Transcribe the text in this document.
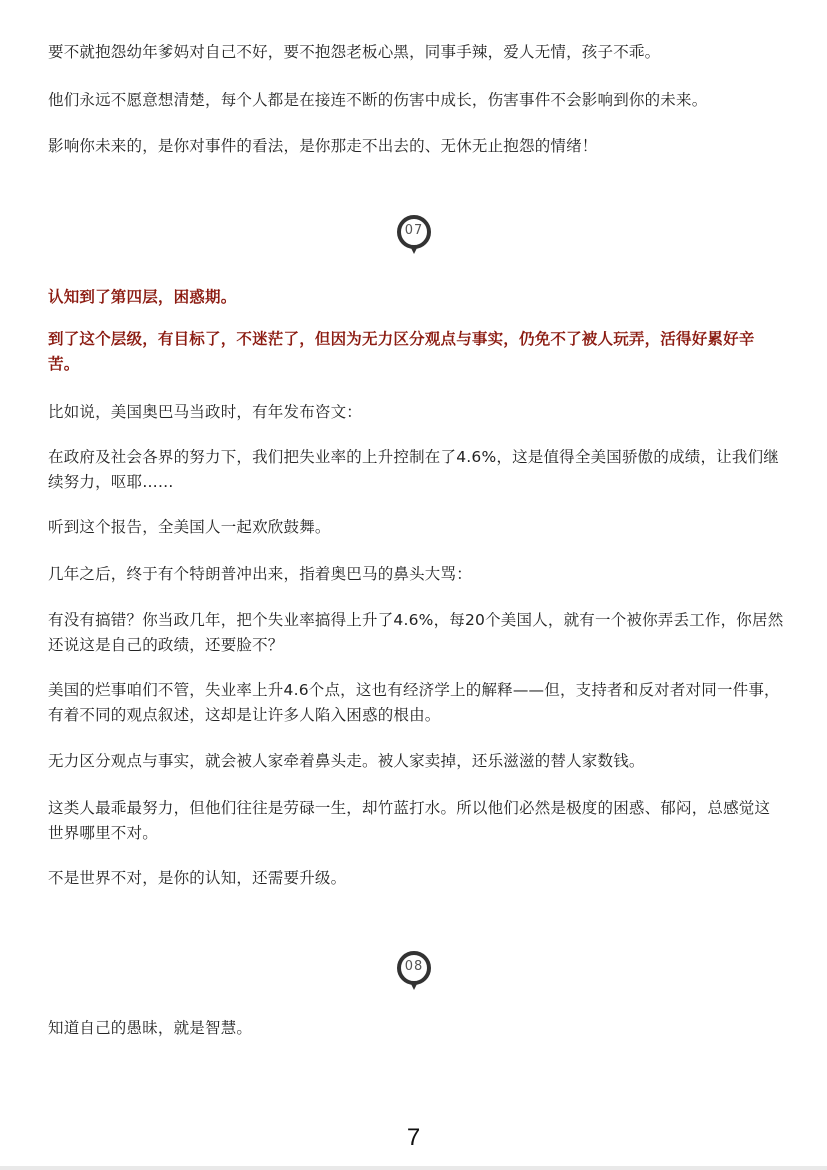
要不就抱怨幼年爹妈对自己不好，要不抱怨老板心黑，同事手辣，爱人无情，孩子不乖。

他们永远不愿意想清楚，每个人都是在接连不断的伤害中成长，伤害事件不会影响到你的未来。

影响你未来的，是你对事件的看法，是你那走不出去的、无休无止抱怨的情绪！

07

认知到了第四层，困惑期。

到了这个层级，有目标了，不迷茫了，但因为无力区分观点与事实，仍免不了被人玩弄，活得好累好辛苦。

比如说，美国奥巴马当政时，有年发布咨文：

在政府及社会各界的努力下，我们把失业率的上升控制在了4.6%，这是值得全美国骄傲的成绩，让我们继续努力，呕耶……

听到这个报告，全美国人一起欢欣鼓舞。

几年之后，终于有个特朗普冲出来，指着奥巴马的鼻头大骂：

有没有搞错？你当政几年，把个失业率搞得上升了4.6%，每20个美国人，就有一个被你弄丢工作，你居然还说这是自己的政绩，还要脸不？

美国的烂事咱们不管，失业率上升4.6个点，这也有经济学上的解释——但，支持者和反对者对同一件事，有着不同的观点叙述，这却是让许多人陷入困惑的根由。

无力区分观点与事实，就会被人家牵着鼻头走。被人家卖掉，还乐滋滋的替人家数钱。

这类人最乖最努力，但他们往往是劳碌一生，却竹蓝打水。所以他们必然是极度的困惑、郁闷，总感觉这世界哪里不对。

不是世界不对，是你的认知，还需要升级。

08

知道自己的愚昧，就是智慧。

7
